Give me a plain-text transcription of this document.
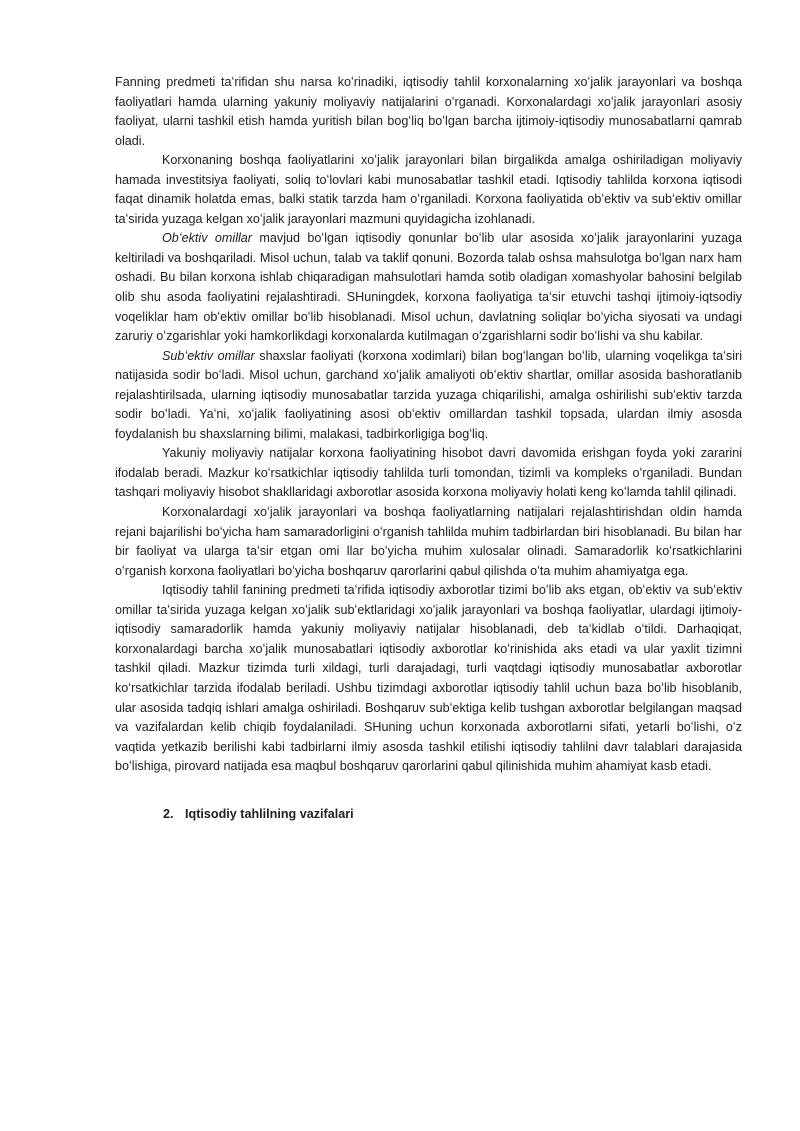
Fanning predmeti taʻrifidan shu narsa koʻrinadiki, iqtisodiy tahlil korxonalarning xoʻjalik jarayonlari va boshqa faoliyatlari hamda ularning yakuniy moliyaviy natijalarini oʻrganadi. Korxonalardagi xoʻjalik jarayonlari asosiy faoliyat, ularni tashkil etish hamda yuritish bilan bogʻliq boʻlgan barcha ijtimoiy-iqtisodiy munosabatlarni qamrab oladi.

Korxonaning boshqa faoliyatlarini xoʻjalik jarayonlari bilan birgalikda amalga oshiriladigan moliyaviy hamada investitsiya faoliyati, soliq toʻlovlari kabi munosabatlar tashkil etadi. Iqtisodiy tahlilda korxona iqtisodi faqat dinamik holatda emas, balki statik tarzda ham oʻrganiladi. Korxona faoliyatida obʻektiv va subʻektiv omillar taʻsirida yuzaga kelgan xoʻjalik jarayonlari mazmuni quyidagicha izohlanadi.

Obʻektiv omillar mavjud boʻlgan iqtisodiy qonunlar boʻlib ular asosida xoʻjalik jarayonlarini yuzaga keltiriladi va boshqariladi. Misol uchun, talab va taklif qonuni. Bozorda talab oshsa mahsulotga boʻlgan narx ham oshadi. Bu bilan korxona ishlab chiqaradigan mahsulotlari hamda sotib oladigan xomashyolar bahosini belgilab olib shu asoda faoliyatini rejalashtiradi. SHuningdek, korxona faoliyatiga taʻsir etuvchi tashqi ijtimoiy-iqtsodiy voqeliklar ham obʻektiv omillar boʻlib hisoblanadi. Misol uchun, davlatning soliqlar boʻyicha siyosati va undagi zaruriy oʻzgarishlar yoki hamkorlikdagi korxonalarda kutilmagan oʻzgarishlarni sodir boʻlishi va shu kabilar.

Subʻektiv omillar shaxslar faoliyati (korxona xodimlari) bilan bogʻlangan boʻlib, ularning voqelikga taʻsiri natijasida sodir boʻladi. Misol uchun, garchand xoʻjalik amaliyoti obʻektiv shartlar, omillar asosida bashoratlanib rejalashtirilsada, ularning iqtisodiy munosabatlar tarzida yuzaga chiqarilishi, amalga oshirilishi subʻektiv tarzda sodir boʻladi. Yaʻni, xoʻjalik faoliyatining asosi obʻektiv omillardan tashkil topsada, ulardan ilmiy asosda foydalanish bu shaxslarning bilimi, malakasi, tadbirkorligiga bogʻliq.

Yakuniy moliyaviy natijalar korxona faoliyatining hisobot davri davomida erishgan foyda yoki zararini ifodalab beradi. Mazkur koʻrsatkichlar iqtisodiy tahlilda turli tomondan, tizimli va kompleks oʻrganiladi. Bundan tashqari moliyaviy hisobot shakllaridagi axborotlar asosida korxona moliyaviy holati keng koʻlamda tahlil qilinadi.

Korxonalardagi xoʻjalik jarayonlari va boshqa faoliyatlarning natijalari rejalashtirishdan oldin hamda rejani bajarilishi boʻyicha ham samaradorligini oʻrganish tahlilda muhim tadbirlardan biri hisoblanadi. Bu bilan har bir faoliyat va ularga taʻsir etgan omi llar boʻyicha muhim xulosalar olinadi. Samaradorlik koʻrsatkichlarini oʻrganish korxona faoliyatlari boʻyicha boshqaruv qarorlarini qabul qilishda oʻta muhim ahamiyatga ega.

Iqtisodiy tahlil fanining predmeti taʻrifida iqtisodiy axborotlar tizimi boʻlib aks etgan, obʻektiv va subʻektiv omillar taʻsirida yuzaga kelgan xoʻjalik subʻektlaridagi xoʻjalik jarayonlari va boshqa faoliyatlar, ulardagi ijtimoiy-iqtisodiy samaradorlik hamda yakuniy moliyaviy natijalar hisoblanadi, deb taʻkidlab oʻtildi. Darhaqiqat, korxonalardagi barcha xoʻjalik munosabatlari iqtisodiy axborotlar koʻrinishida aks etadi va ular yaxlit tizimni tashkil qiladi. Mazkur tizimda turli xildagi, turli darajadagi, turli vaqtdagi iqtisodiy munosabatlar axborotlar koʻrsatkichlar tarzida ifodalab beriladi. Ushbu tizimdagi axborotlar iqtisodiy tahlil uchun baza boʻlib hisoblanib, ular asosida tadqiq ishlari amalga oshiriladi. Boshqaruv subʻektiga kelib tushgan axborotlar belgilangan maqsad va vazifalardan kelib chiqib foydalaniladi. SHuning uchun korxonada axborotlarni sifati, yetarli boʻlishi, oʻz vaqtida yetkazib berilishi kabi tadbirlarni ilmiy asosda tashkil etilishi iqtisodiy tahlilni davr talablari darajasida boʻlishiga, pirovard natijada esa maqbul boshqaruv qarorlarini qabul qilinishida muhim ahamiyat kasb etadi.

2. Iqtisodiy tahlilning vazifalari
